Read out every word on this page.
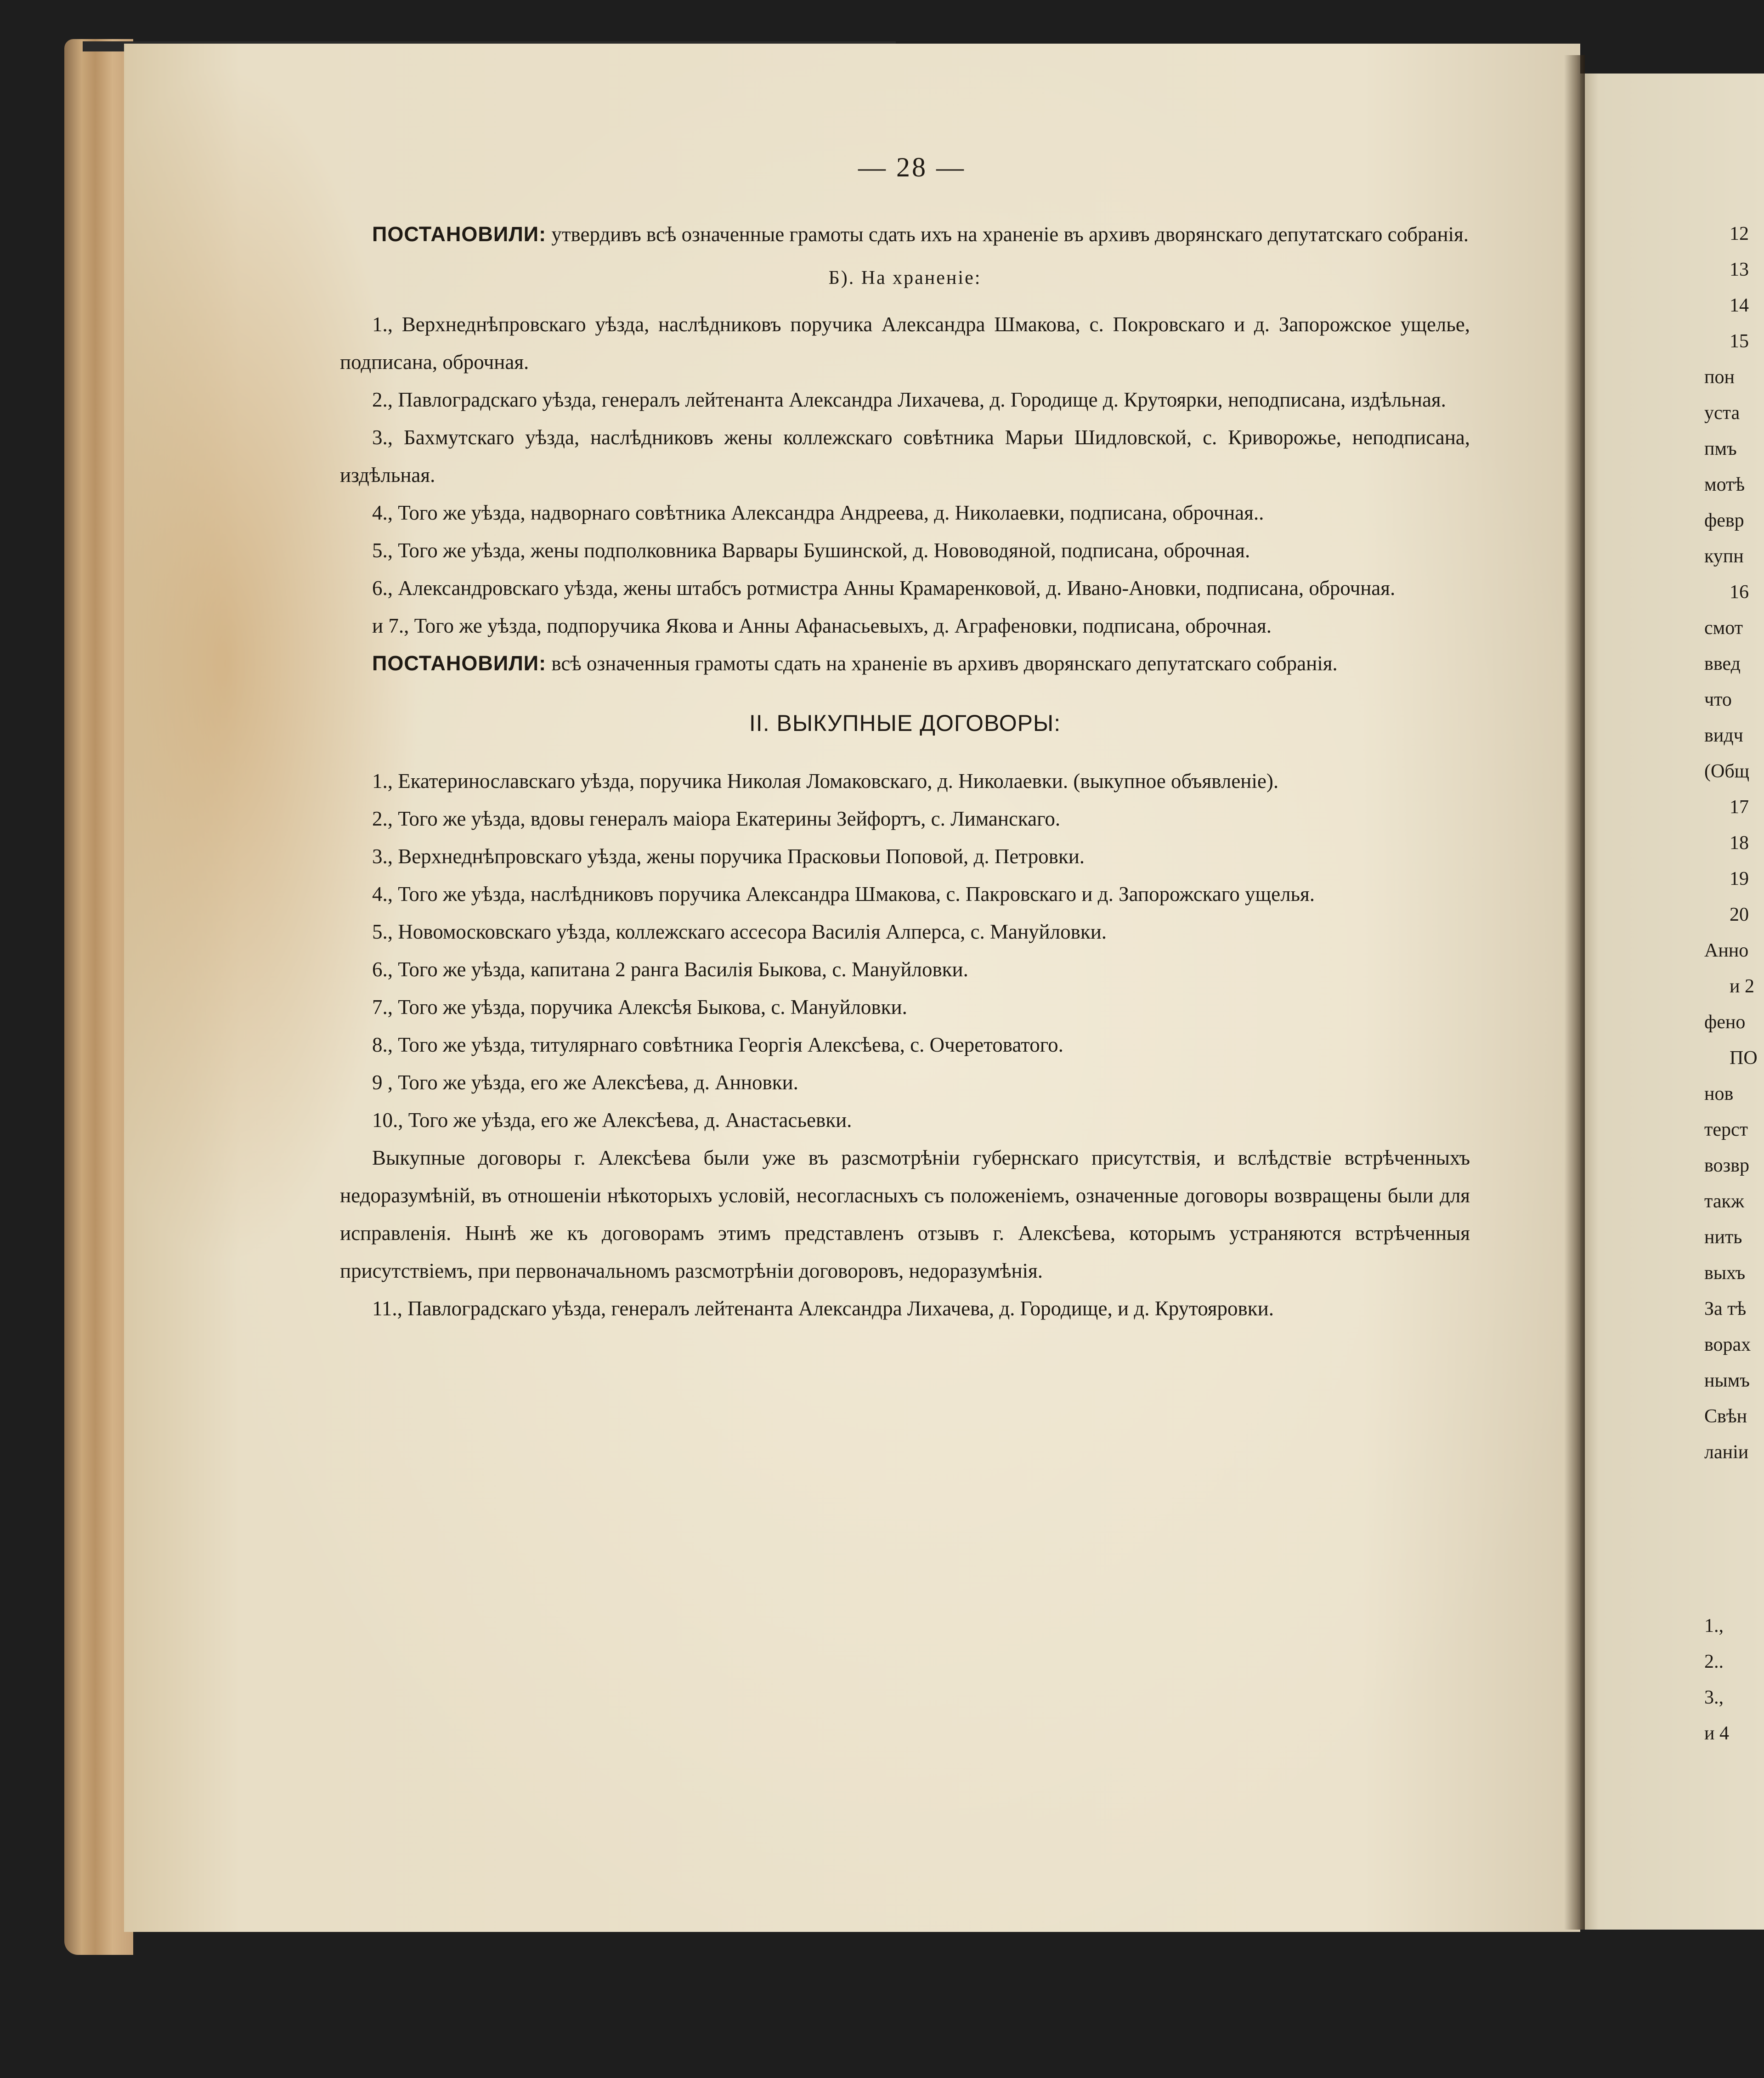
— 28 —

ПОСТАНОВИЛИ: утвердивъ всѣ означенные грамоты сдать ихъ на храненіе въ архивъ дворянскаго депутатскаго собранія.

Б). На храненіе:

1., Верхнеднѣпровскаго уѣзда, наслѣдниковъ поручика Александра Шмакова, с. Покровскаго и д. Запорожское ущелье, подписана, оброчная.

2., Павлоградскаго уѣзда, генералъ лейтенанта Александра Лихачева, д. Городище д. Крутоярки, неподписана, издѣльная.

3., Бахмутскаго уѣзда, наслѣдниковъ жены коллежскаго совѣтника Марьи Шидловской, с. Криворожье, неподписана, издѣльная.

4., Того же уѣзда, надворнаго совѣтника Александра Андреева, д. Николаевки, подписана, оброчная..

5., Того же уѣзда, жены подполковника Варвары Бушинской, д. Нововодяной, подписана, оброчная.

6., Александровскаго уѣзда, жены штабсъ ротмистра Анны Крамаренковой, д. Ивано-Ановки, подписана, оброчная.

и 7., Того же уѣзда, подпоручика Якова и Анны Афанасьевыхъ, д. Аграфеновки, подписана, оброчная.

ПОСТАНОВИЛИ: всѣ означенныя грамоты сдать на храненіе въ архивъ дворянскаго депутатскаго собранія.

II. ВЫКУПНЫЕ ДОГОВОРЫ:

1., Екатеринославскаго уѣзда, поручика Николая Ломаковскаго, д. Николаевки. (выкупное объявленіе).

2., Того же уѣзда, вдовы генералъ маіора Екатерины Зейфортъ, с. Лиманскаго.

3., Верхнеднѣпровскаго уѣзда, жены поручика Прасковьи Поповой, д. Петровки.

4., Того же уѣзда, наслѣдниковъ поручика Александра Шмакова, с. Пакровскаго и д. Запорожскаго ущелья.

5., Новомосковскаго уѣзда, коллежскаго ассесора Василія Алперса, с. Мануйловки.

6., Того же уѣзда, капитана 2 ранга Василія Быкова, с. Мануйловки.

7., Того же уѣзда, поручика Алексѣя Быкова, с. Мануйловки.

8., Того же уѣзда, титулярнаго совѣтника Георгія Алексѣева, с. Очеретоватого.

9 , Того же уѣзда, его же Алексѣева, д. Анновки.

10., Того же уѣзда, его же Алексѣева, д. Анастасьевки.

Выкупные договоры г. Алексѣева были уже въ разсмотрѣніи губернскаго присутствія, и вслѣдствіе встрѣченныхъ недоразумѣній, въ отношеніи нѣкоторыхъ условій, несогласныхъ съ положеніемъ, означенные договоры возвращены были для исправленія. Нынѣ же къ договорамъ этимъ представленъ отзывъ г. Алексѣева, которымъ устраняются встрѣченныя присутствіемъ, при первоначальномъ разсмотрѣніи договоровъ, недоразумѣнія.

11., Павлоградскаго уѣзда, генералъ лейтенанта Александра Лихачева, д. Городище, и д. Крутояровки.

12
13
14
15
пон
уста
пмъ
мотѣ
февр
купн
16
смот
введ
что
видч
(Общ
17
18
19
20
Анно
и 2
фено
ПО
нов
терст
возвр
такж
нить
выхъ
За тѣ
ворах
нымъ
Свѣн
ланіи
1.,
2..
3.,
и 4
